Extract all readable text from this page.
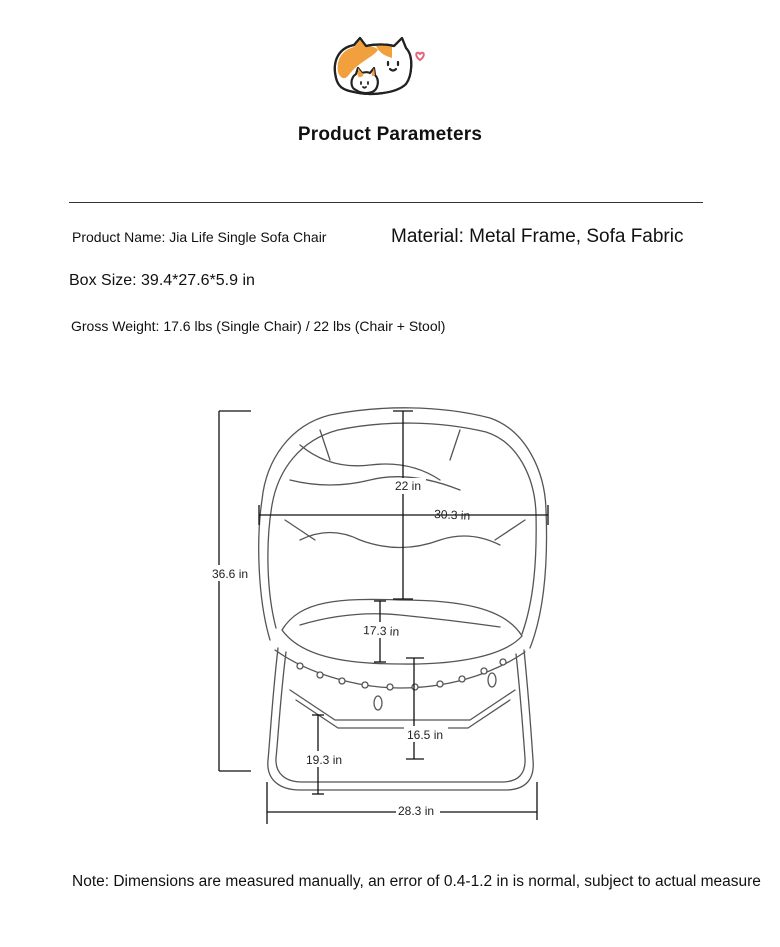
Product Parameters
Product Name: Jia Life Single Sofa Chair	Material: Metal Frame, Sofa Fabric
Box Size: 39.4*27.6*5.9 in
Gross Weight: 17.6 lbs (Single Chair) / 22 lbs (Chair + Stool)
36.6 in
22 in
30.3 in
17.3 in
16.5 in
19.3 in
28.3 in
Note: Dimensions are measured manually, an error of 0.4-1.2 in is normal, subject to actual measure
